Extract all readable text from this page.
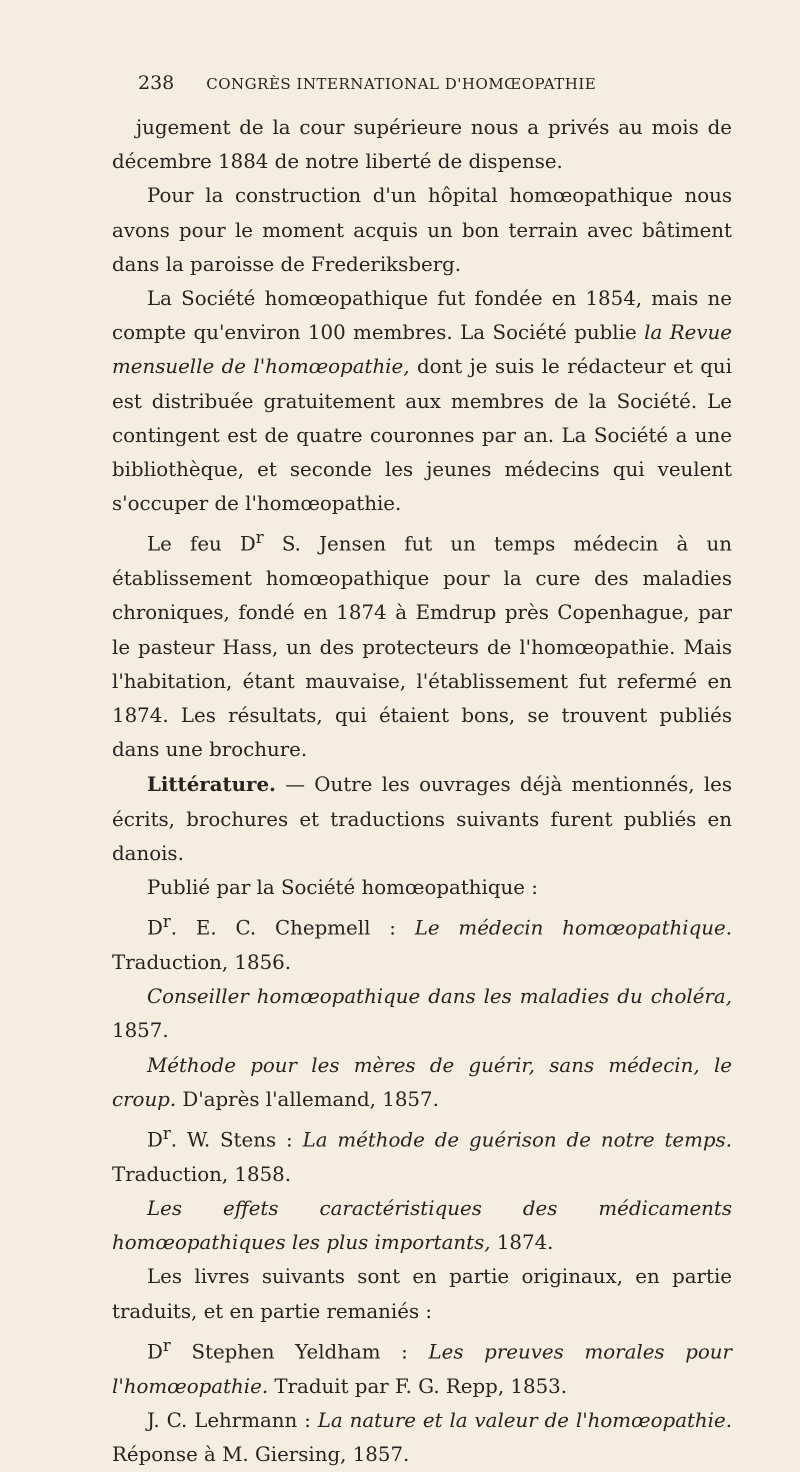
238 CONGRÈS INTERNATIONAL D'HOMŒOPATHIE

jugement de la cour supérieure nous a privés au mois de décembre 1884 de notre liberté de dispense.

Pour la construction d'un hôpital homœopathique nous avons pour le moment acquis un bon terrain avec bâtiment dans la paroisse de Frederiksberg.

La Société homœopathique fut fondée en 1854, mais ne compte qu'environ 100 membres. La Société publie la Revue mensuelle de l'homœopathie, dont je suis le rédacteur et qui est distribuée gratuitement aux membres de la Société. Le contingent est de quatre couronnes par an. La Société a une bibliothèque, et seconde les jeunes médecins qui veulent s'occuper de l'homœopathie.

Le feu $D^r$ S. Jensen fut un temps médecin à un établissement homœopathique pour la cure des maladies chroniques, fondé en 1874 à Emdrup près Copenhague, par le pasteur Hass, un des protecteurs de l'homœopathie. Mais l'habitation, étant mauvaise, l'établissement fut refermé en 1874. Les résultats, qui étaient bons, se trouvent publiés dans une brochure.

Littérature. — Outre les ouvrages déjà mentionnés, les écrits, brochures et traductions suivants furent publiés en danois.

Publié par la Société homœopathique :

$D^r$. E. C. Chepmell : Le médecin homœopathique. Traduction, 1856.

Conseiller homœopathique dans les maladies du choléra, 1857.

Méthode pour les mères de guérir, sans médecin, le croup. D'après l'allemand, 1857.

$D^r$. W. Stens : La méthode de guérison de notre temps. Traduction, 1858.

Les effets caractéristiques des médicaments homœopathiques les plus importants, 1874.

Les livres suivants sont en partie originaux, en partie traduits, et en partie remaniés :

$D^r$ Stephen Yeldham : Les preuves morales pour l'homœopathie. Traduit par F. G. Repp, 1853.

J. C. Lehrmann : La nature et la valeur de l'homœopathie. Réponse à M. Giersing, 1857.
